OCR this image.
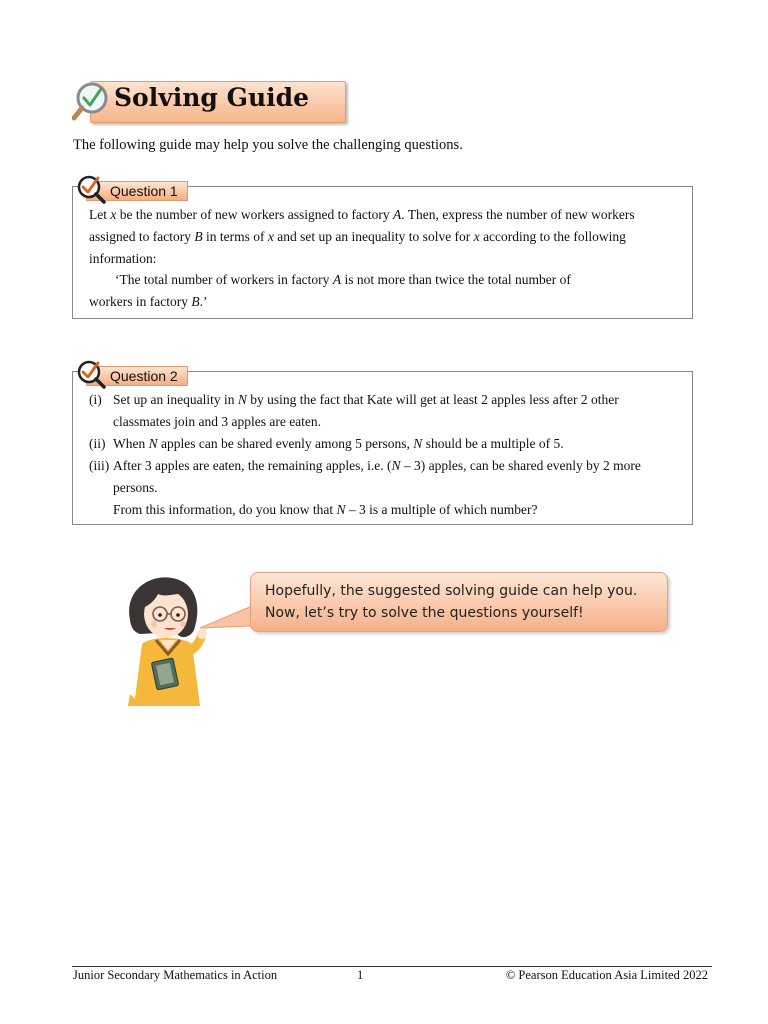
Solving Guide
The following guide may help you solve the challenging questions.
Question 1
Let x be the number of new workers assigned to factory A. Then, express the number of new workers
assigned to factory B in terms of x and set up an inequality to solve for x according to the following
information:
‘The total number of workers in factory A is not more than twice the total number of
workers in factory B.’
Question 2
(i) Set up an inequality in N by using the fact that Kate will get at least 2 apples less after 2 other
classmates join and 3 apples are eaten.
(ii) When N apples can be shared evenly among 5 persons, N should be a multiple of 5.
(iii) After 3 apples are eaten, the remaining apples, i.e. (N – 3) apples, can be shared evenly by 2 more
persons.
From this information, do you know that N – 3 is a multiple of which number?
Hopefully, the suggested solving guide can help you.
Now, let’s try to solve the questions yourself!
Junior Secondary Mathematics in Action	1	© Pearson Education Asia Limited 2022
